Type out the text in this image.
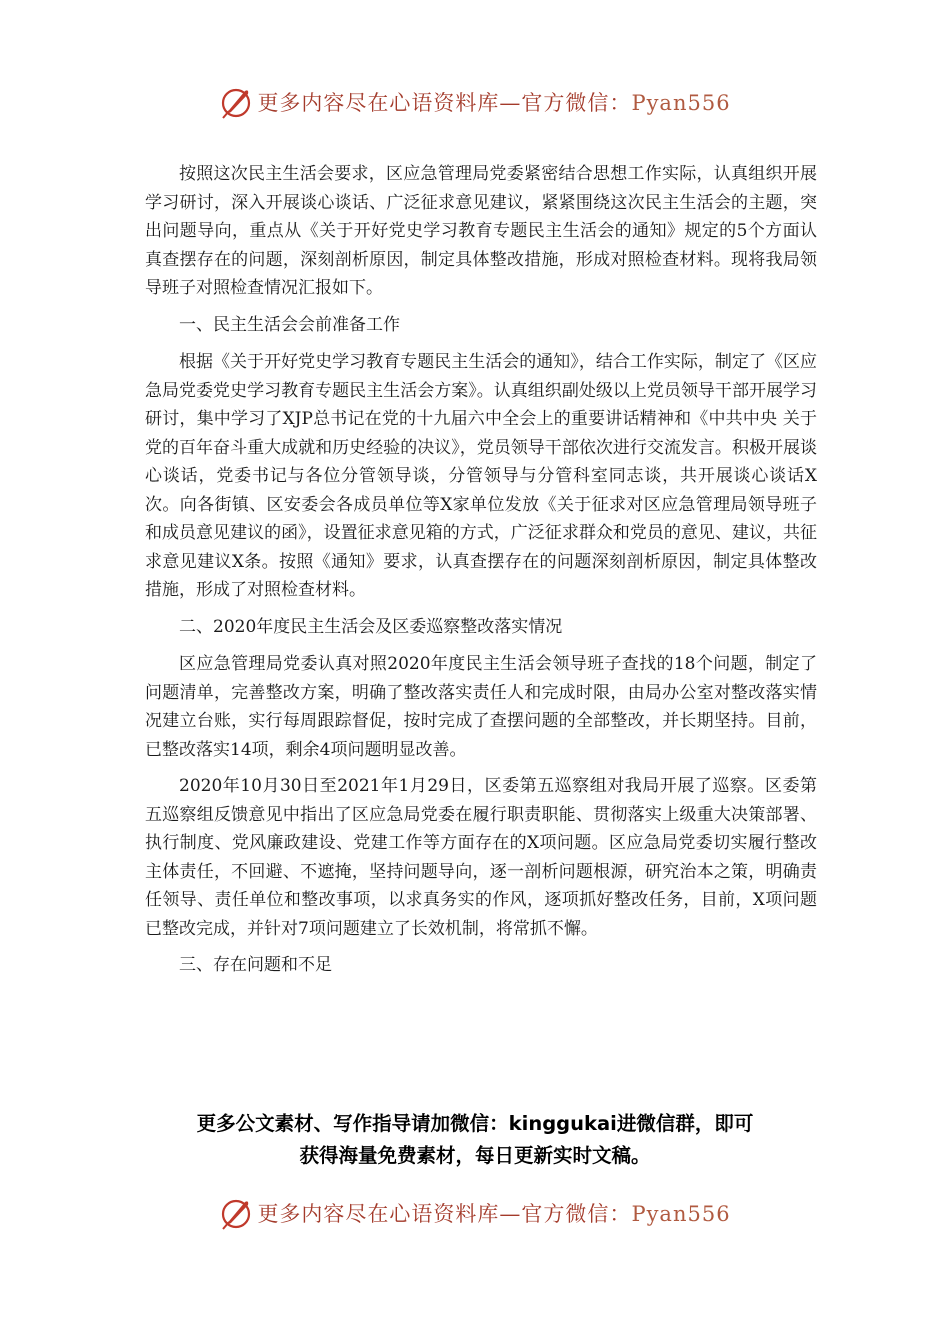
更多内容尽在心语资料库—官方微信：Pyan556

按照这次民主生活会要求，区应急管理局党委紧密结合思想工作实际，认真组织开展学习研讨，深入开展谈心谈话、广泛征求意见建议，紧紧围绕这次民主生活会的主题，突出问题导向，重点从《关于开好党史学习教育专题民主生活会的通知》规定的5个方面认真查摆存在的问题，深刻剖析原因，制定具体整改措施，形成对照检查材料。现将我局领导班子对照检查情况汇报如下。

一、民主生活会会前准备工作

根据《关于开好党史学习教育专题民主生活会的通知》，结合工作实际，制定了《区应急局党委党史学习教育专题民主生活会方案》。认真组织副处级以上党员领导干部开展学习研讨，集中学习了XJP总书记在党的十九届六中全会上的重要讲话精神和《中共中央 关于党的百年奋斗重大成就和历史经验的决议》，党员领导干部依次进行交流发言。积极开展谈心谈话，党委书记与各位分管领导谈，分管领导与分管科室同志谈，共开展谈心谈话X次。向各街镇、区安委会各成员单位等X家单位发放《关于征求对区应急管理局领导班子和成员意见建议的函》，设置征求意见箱的方式，广泛征求群众和党员的意见、建议，共征求意见建议X条。按照《通知》要求，认真查摆存在的问题深刻剖析原因，制定具体整改措施，形成了对照检查材料。

二、2020年度民主生活会及区委巡察整改落实情况

区应急管理局党委认真对照2020年度民主生活会领导班子查找的18个问题，制定了问题清单，完善整改方案，明确了整改落实责任人和完成时限，由局办公室对整改落实情况建立台账，实行每周跟踪督促，按时完成了查摆问题的全部整改，并长期坚持。目前，已整改落实14项，剩余4项问题明显改善。

2020年10月30日至2021年1月29日，区委第五巡察组对我局开展了巡察。区委第五巡察组反馈意见中指出了区应急局党委在履行职责职能、贯彻落实上级重大决策部署、执行制度、党风廉政建设、党建工作等方面存在的X项问题。区应急局党委切实履行整改主体责任，不回避、不遮掩，坚持问题导向，逐一剖析问题根源，研究治本之策，明确责任领导、责任单位和整改事项，以求真务实的作风，逐项抓好整改任务，目前，X项问题已整改完成，并针对7项问题建立了长效机制，将常抓不懈。

三、存在问题和不足

更多公文素材、写作指导请加微信：kinggukai进微信群，即可
获得海量免费素材，每日更新实时文稿。
更多内容尽在心语资料库—官方微信：Pyan556
